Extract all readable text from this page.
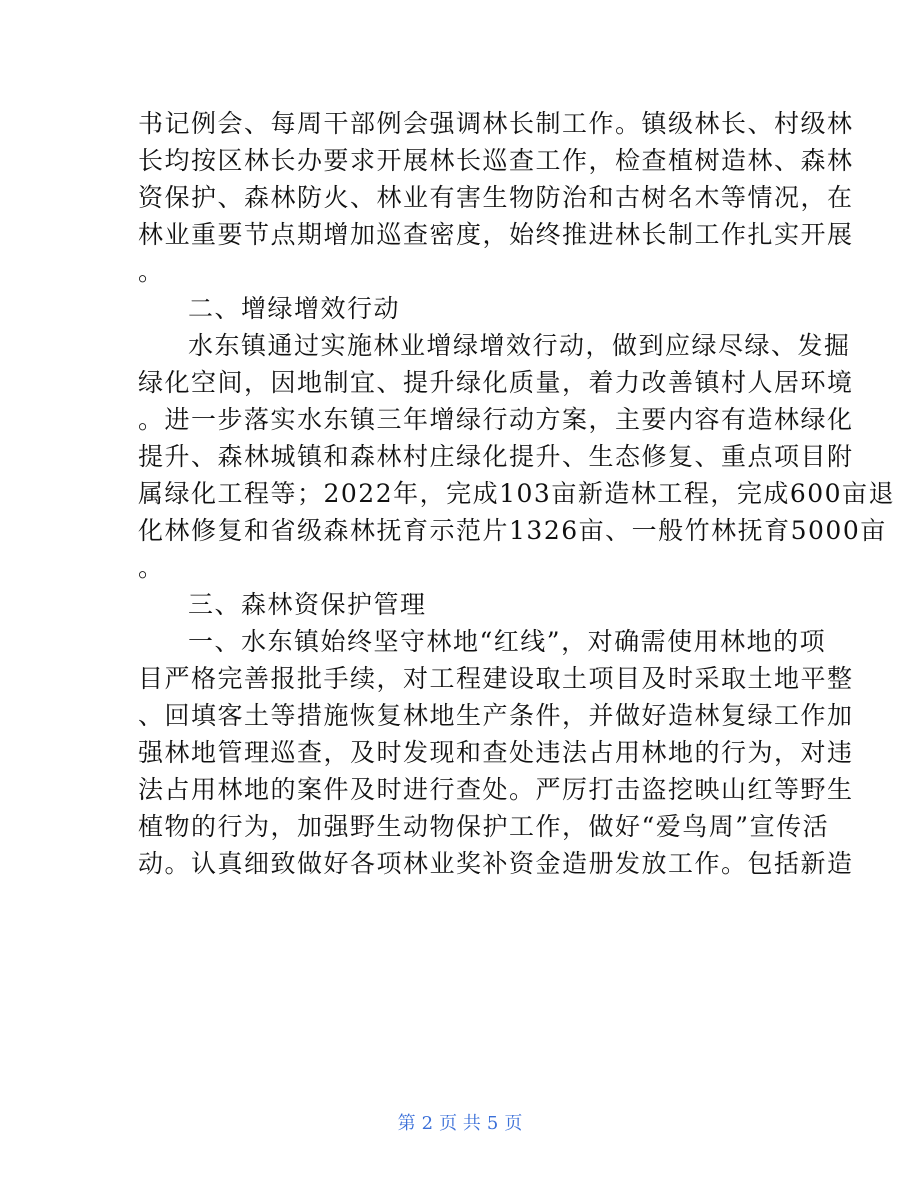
书记例会、每周干部例会强调林长制工作。镇级林长、村级林
长均按区林长办要求开展林长巡查工作，检查植树造林、森林
资保护、森林防火、林业有害生物防治和古树名木等情况，在
林业重要节点期增加巡查密度，始终推进林长制工作扎实开展
。
二、增绿增效行动
水东镇通过实施林业增绿增效行动，做到应绿尽绿、发掘
绿化空间，因地制宜、提升绿化质量，着力改善镇村人居环境
。进一步落实水东镇三年增绿行动方案，主要内容有造林绿化
提升、森林城镇和森林村庄绿化提升、生态修复、重点项目附
属绿化工程等；2022年，完成103亩新造林工程，完成600亩退
化林修复和省级森林抚育示范片1326亩、一般竹林抚育5000亩
。
三、森林资保护管理
一、水东镇始终坚守林地“红线”，对确需使用林地的项
目严格完善报批手续，对工程建设取土项目及时采取土地平整
、回填客土等措施恢复林地生产条件，并做好造林复绿工作加
强林地管理巡查，及时发现和查处违法占用林地的行为，对违
法占用林地的案件及时进行查处。严厉打击盗挖映山红等野生
植物的行为，加强野生动物保护工作，做好“爱鸟周”宣传活
动。认真细致做好各项林业奖补资金造册发放工作。包括新造
第 2 页 共 5 页
